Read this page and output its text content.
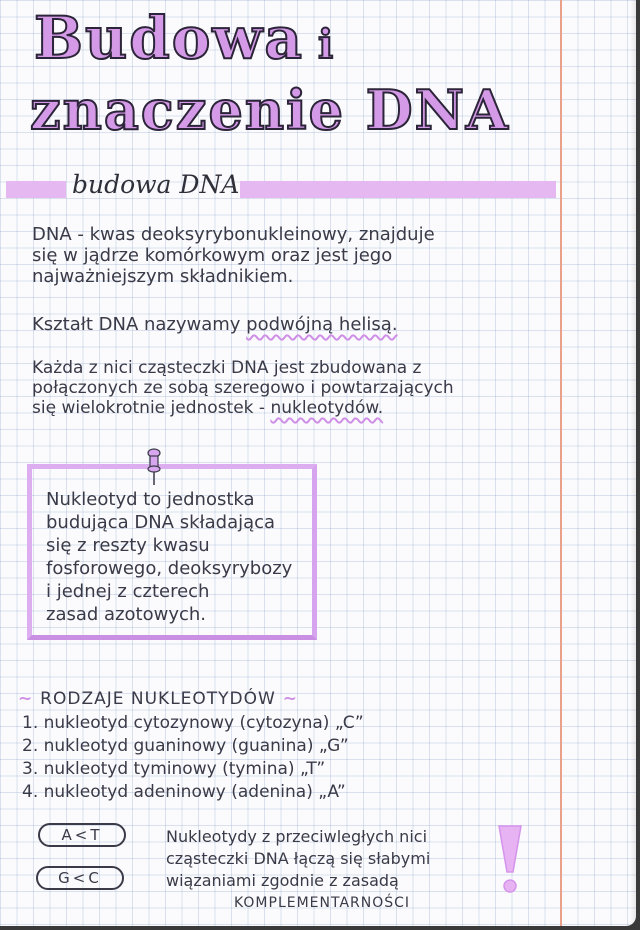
Budowa i
znaczenie DNA
budowa DNA
DNA - kwas deoksyrybonukleinowy, znajduje
się w jądrze komórkowym oraz jest jego
najważniejszym składnikiem.
Kształt DNA nazywamy podwójną helisą.
Każda z nici cząsteczki DNA jest zbudowana z
połączonych ze sobą szeregowo i powtarzających
się wielokrotnie jednostek - nukleotydów.
Nukleotyd to jednostka
budująca DNA składająca
się z reszty kwasu
fosforowego, deoksyrybozy
i jednej z czterech
zasad azotowych.
~ RODZAJE NUKLEOTYDÓW ~
1. nukleotyd cytozynowy (cytozyna) „C”
2. nukleotyd guaninowy (guanina) „G”
3. nukleotyd tyminowy (tymina) „T”
4. nukleotyd adeninowy (adenina) „A”
A<T
G<C
Nukleotydy z przeciwległych nici
cząsteczki DNA łączą się słabymi
wiązaniami zgodnie z zasadą
KOMPLEMENTARNOŚCI
